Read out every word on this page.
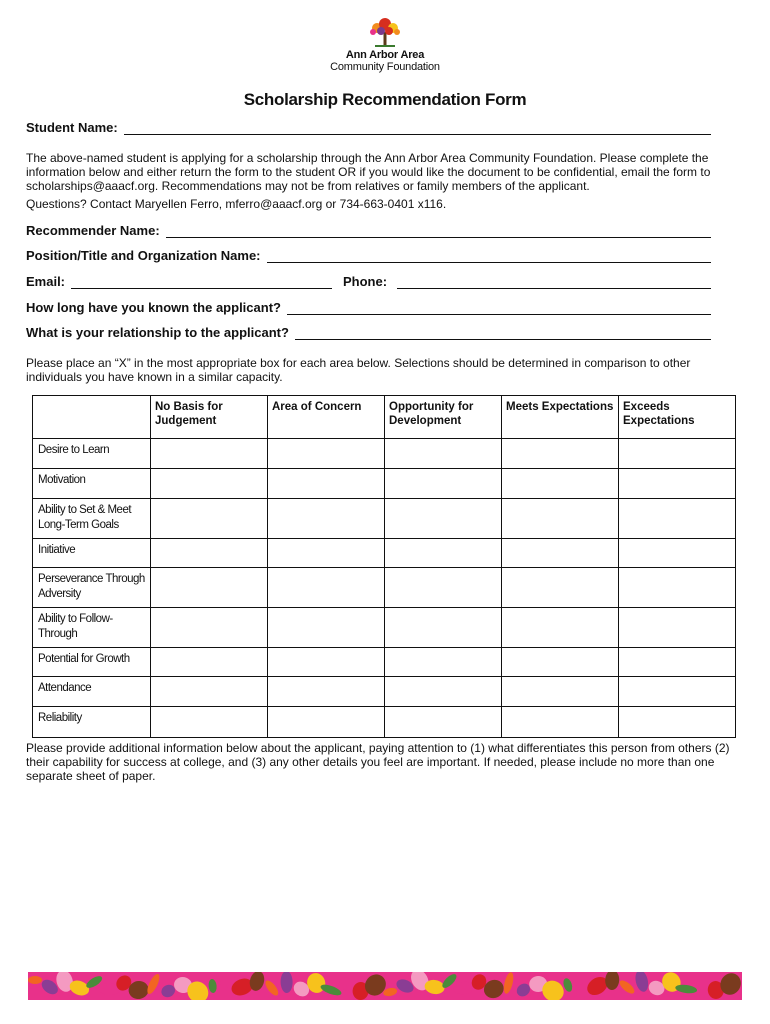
Ann Arbor Area
Community Foundation
Scholarship Recommendation Form
Student Name:
The above-named student is applying for a scholarship through the Ann Arbor Area Community Foundation. Please complete the information below and either return the form to the student OR if you would like the document to be confidential, email the form to scholarships@aaacf.org. Recommendations may not be from relatives or family members of the applicant.
Questions? Contact Maryellen Ferro, mferro@aaacf.org or 734-663-0401 x116.
Recommender Name:
Position/Title and Organization Name:
Email:	Phone:
How long have you known the applicant?
What is your relationship to the applicant?
Please place an “X” in the most appropriate box for each area below. Selections should be determined in comparison to other individuals you have known in a similar capacity.
	No Basis for Judgement	Area of Concern	Opportunity for Development	Meets Expectations	Exceeds Expectations
Desire to Learn					
Motivation					
Ability to Set & Meet Long-Term Goals					
Initiative					
Perseverance Through Adversity					
Ability to Follow-Through					
Potential for Growth					
Attendance					
Reliability					
Please provide additional information below about the applicant, paying attention to (1) what differentiates this person from others (2) their capability for success at college, and (3) any other details you feel are important. If needed, please include no more than one separate sheet of paper.
